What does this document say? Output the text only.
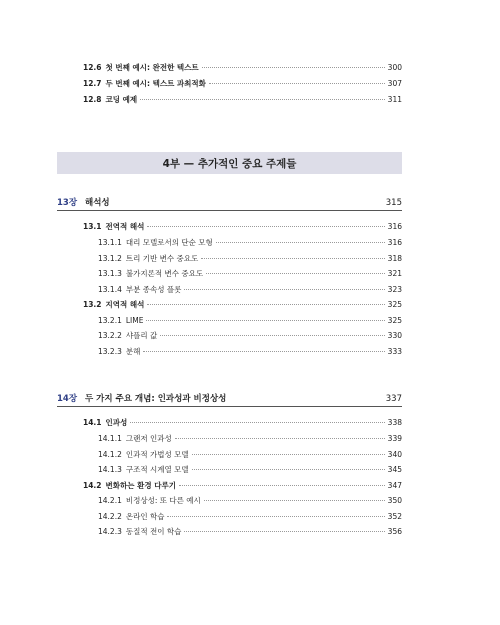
12.6 첫 번째 예시: 완전한 텍스트	300
12.7 두 번째 예시: 텍스트 과최적화	307
12.8 코딩 예제	311
4부 — 추가적인 중요 주제들
13장 해석성	315
13.1 전역적 해석	316
13.1.1 대리 모델로서의 단순 모형	316
13.1.2 트리 기반 변수 중요도	318
13.1.3 불가지론적 변수 중요도	321
13.1.4 부분 종속성 플롯	323
13.2 지역적 해석	325
13.2.1 LIME	325
13.2.2 샤플리 값	330
13.2.3 분해	333
14장 두 가지 주요 개념: 인과성과 비정상성	337
14.1 인과성	338
14.1.1 그랜저 인과성	339
14.1.2 인과적 가법성 모델	340
14.1.3 구조적 시계열 모델	345
14.2 변화하는 환경 다루기	347
14.2.1 비정상성: 또 다른 예시	350
14.2.2 온라인 학습	352
14.2.3 동질적 전이 학습	356
